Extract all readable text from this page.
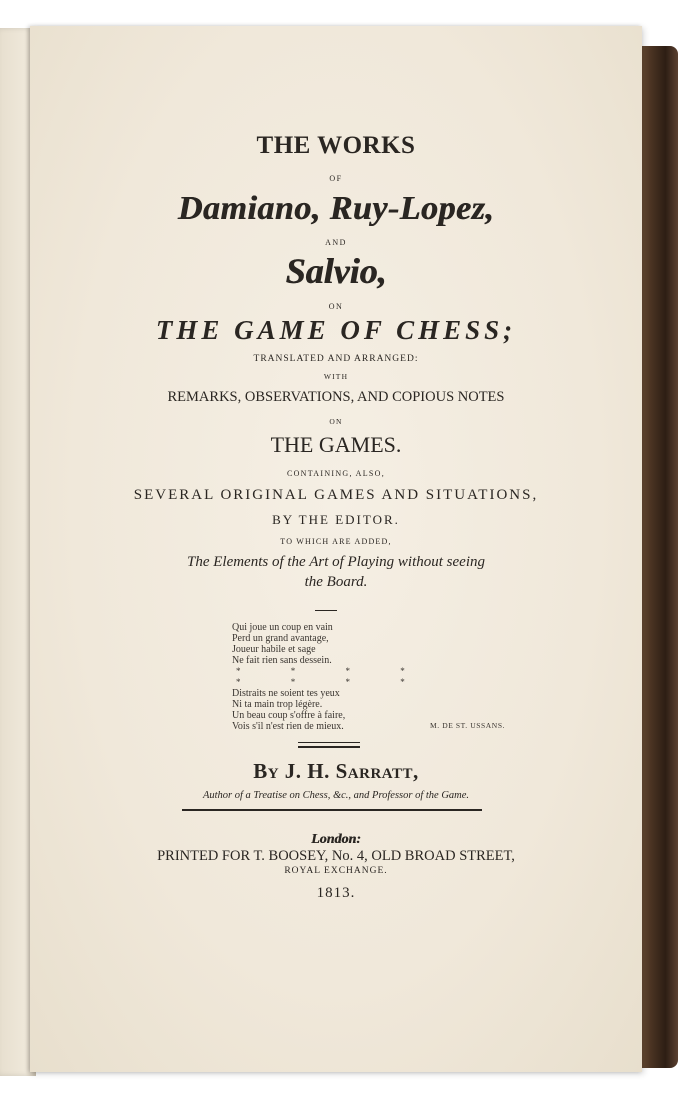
THE WORKS
OF
Damiano, Ruy-Lopez,
AND
Salvio,
ON
THE GAME OF CHESS;
TRANSLATED AND ARRANGED:
WITH
REMARKS, OBSERVATIONS, AND COPIOUS NOTES
ON
THE GAMES.
CONTAINING, ALSO,
SEVERAL ORIGINAL GAMES AND SITUATIONS,
BY THE EDITOR.
TO WHICH ARE ADDED,
The Elements of the Art of Playing without seeing
the Board.
Qui joue un coup en vain
Perd un grand avantage,
Joueur habile et sage
Ne fait rien sans dessein.
* * * *
* * * *
Distraits ne soient tes yeux
Ni ta main trop légère.
Un beau coup s'offre à faire,
Vois s'il n'est rien de mieux.	M. DE ST. USSANS.
By J. H. Sarratt,
Author of a Treatise on Chess, &c., and Professor of the Game.
London:
PRINTED FOR T. BOOSEY, No. 4, OLD BROAD STREET,
ROYAL EXCHANGE.
1813.
